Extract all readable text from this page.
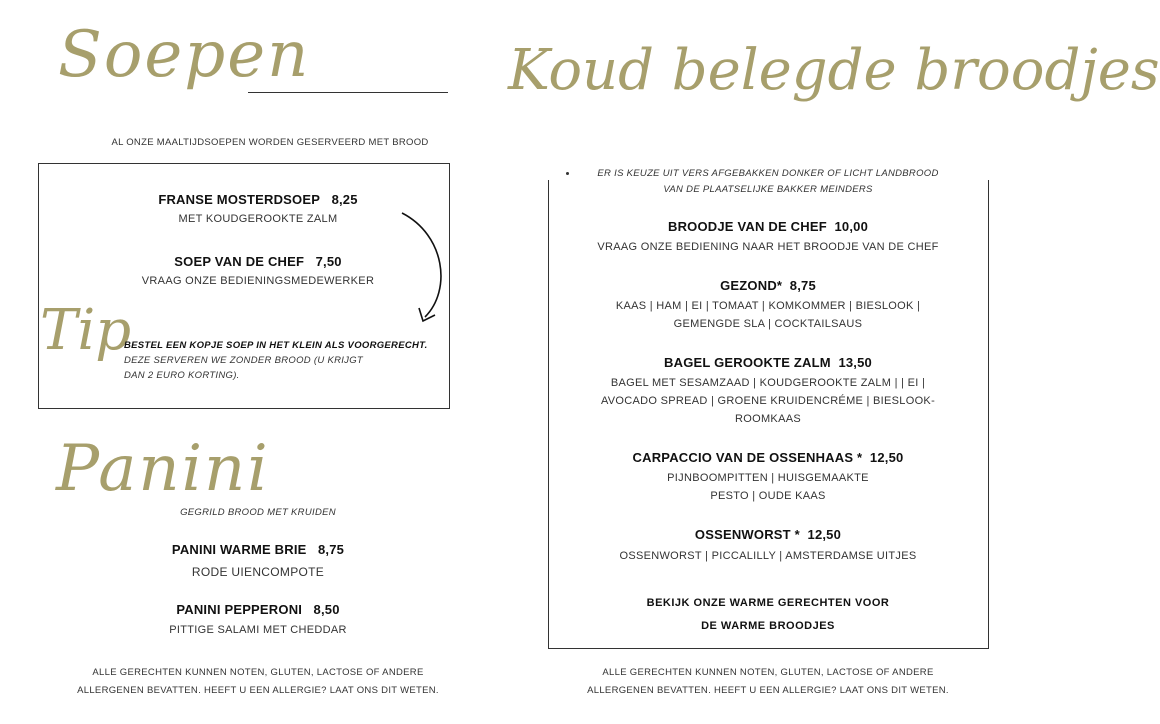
Soepen
AL ONZE MAALTIJDSOEPEN WORDEN GESERVEERD MET BROOD
FRANSE MOSTERDSOEP 8,25
MET KOUDGEROOKTE ZALM
SOEP VAN DE CHEF 7,50
VRAAG ONZE BEDIENINGSMEDEWERKER
Tip
BESTEL EEN KOPJE SOEP IN HET KLEIN ALS VOORGERECHT.
DEZE SERVEREN WE ZONDER BROOD (U KRIJGT
DAN 2 EURO KORTING).
Panini
GEGRILD BROOD MET KRUIDEN
PANINI WARME BRIE 8,75
RODE UIENCOMPOTE
PANINI PEPPERONI 8,50
PITTIGE SALAMI MET CHEDDAR
ALLE GERECHTEN KUNNEN NOTEN, GLUTEN, LACTOSE OF ANDERE
ALLERGENEN BEVATTEN. HEEFT U EEN ALLERGIE? LAAT ONS DIT WETEN.
Koud belegde broodjes
ER IS KEUZE UIT VERS AFGEBAKKEN DONKER OF LICHT LANDBROOD
VAN DE PLAATSELIJKE BAKKER MEINDERS
BROODJE VAN DE CHEF 10,00
VRAAG ONZE BEDIENING NAAR HET BROODJE VAN DE CHEF
GEZOND* 8,75
KAAS | HAM | EI | TOMAAT | KOMKOMMER | BIESLOOK |
GEMENGDE SLA | COCKTAILSAUS
BAGEL GEROOKTE ZALM 13,50
BAGEL MET SESAMZAAD | KOUDGEROOKTE ZALM | | EI |
AVOCADO SPREAD | GROENE KRUIDENCRÉME | BIESLOOK-
ROOMKAAS
CARPACCIO VAN DE OSSENHAAS * 12,50
PIJNBOOMPITTEN | HUISGEMAAKTE
PESTO | OUDE KAAS
OSSENWORST * 12,50
OSSENWORST | PICCALILLY | AMSTERDAMSE UITJES
BEKIJK ONZE WARME GERECHTEN VOOR
DE WARME BROODJES
ALLE GERECHTEN KUNNEN NOTEN, GLUTEN, LACTOSE OF ANDERE
ALLERGENEN BEVATTEN. HEEFT U EEN ALLERGIE? LAAT ONS DIT WETEN.
